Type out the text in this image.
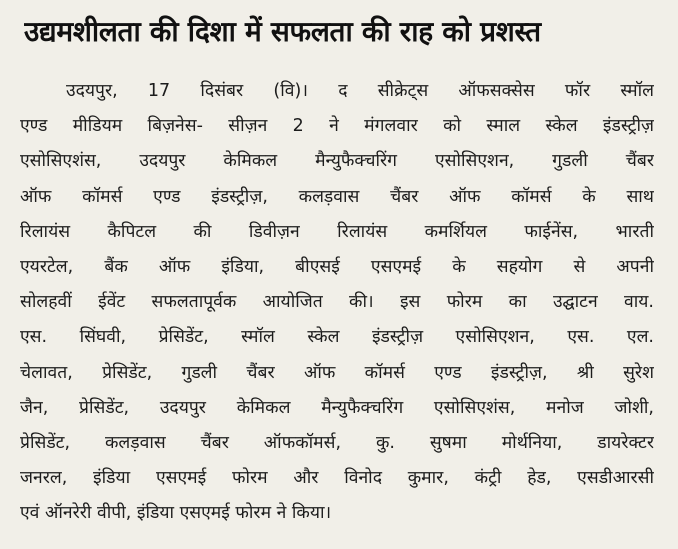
उद्यमशीलता की दिशा में सफलता की राह को प्रशस्त
उदयपुर, 17 दिसंबर (वि)। द सीक्रेट्स ऑफसक्सेस फॉर स्मॉल
एण्ड मीडियम बिज़नेस- सीज़न 2 ने मंगलवार को स्माल स्केल इंडस्ट्रीज़
एसोसिएशंस, उदयपुर केमिकल मैन्युफैक्चरिंग एसोसिएशन, गुडली चैंबर
ऑफ कॉमर्स एण्ड इंडस्ट्रीज़, कलड़वास चैंबर ऑफ कॉमर्स के साथ
रिलायंस कैपिटल की डिवीज़न रिलायंस कमर्शियल फाईनेंस, भारती
एयरटेल, बैंक ऑफ इंडिया, बीएसई एसएमई के सहयोग से अपनी
सोलहवीं ईवेंट सफलतापूर्वक आयोजित की। इस फोरम का उद्घाटन वाय.
एस. सिंघवी, प्रेसिडेंट, स्मॉल स्केल इंडस्ट्रीज़ एसोसिएशन, एस. एल.
चेलावत, प्रेसिडेंट, गुडली चैंबर ऑफ कॉमर्स एण्ड इंडस्ट्रीज़, श्री सुरेश
जैन, प्रेसिडेंट, उदयपुर केमिकल मैन्युफैक्चरिंग एसोसिएशंस, मनोज जोशी,
प्रेसिडेंट, कलड़वास चैंबर ऑफकॉमर्स, कु. सुषमा मोर्थनिया, डायरेक्टर
जनरल, इंडिया एसएमई फोरम और विनोद कुमार, कंट्री हेड, एसडीआरसी
एवं ऑनरेरी वीपी, इंडिया एसएमई फोरम ने किया।
